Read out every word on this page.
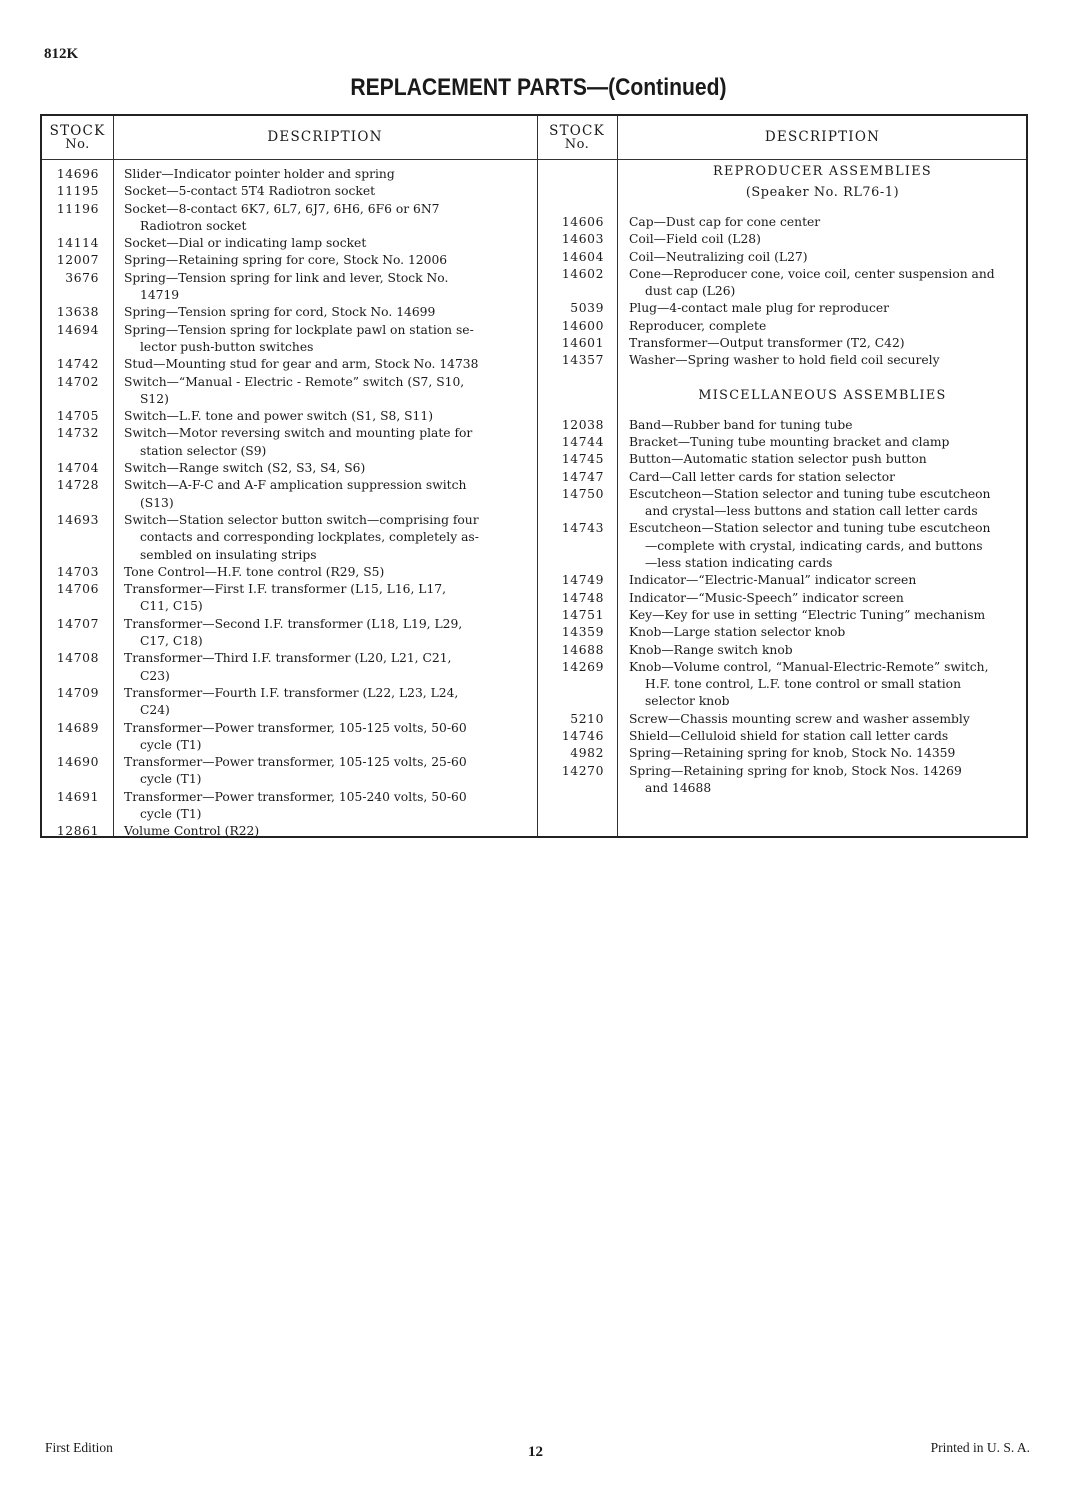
812K
REPLACEMENT PARTS—(Continued)
STOCK
No.	DESCRIPTION	STOCK
No.	DESCRIPTION
14696 Slider—Indicator pointer holder and spring
11195 Socket—5-contact 5T4 Radiotron socket
11196 Socket—8-contact 6K7, 6L7, 6J7, 6H6, 6F6 or 6N7
Radiotron socket
14114 Socket—Dial or indicating lamp socket
12007 Spring—Retaining spring for core, Stock No. 12006
3676 Spring—Tension spring for link and lever, Stock No.
14719
13638 Spring—Tension spring for cord, Stock No. 14699
14694 Spring—Tension spring for lockplate pawl on station se-
lector push-button switches
14742 Stud—Mounting stud for gear and arm, Stock No. 14738
14702 Switch—“Manual - Electric - Remote” switch (S7, S10,
S12)
14705 Switch—L.F. tone and power switch (S1, S8, S11)
14732 Switch—Motor reversing switch and mounting plate for
station selector (S9)
14704 Switch—Range switch (S2, S3, S4, S6)
14728 Switch—A-F-C and A-F amplication suppression switch
(S13)
14693 Switch—Station selector button switch—comprising four
contacts and corresponding lockplates, completely as-
sembled on insulating strips
14703 Tone Control—H.F. tone control (R29, S5)
14706 Transformer—First I.F. transformer (L15, L16, L17,
C11, C15)
14707 Transformer—Second I.F. transformer (L18, L19, L29,
C17, C18)
14708 Transformer—Third I.F. transformer (L20, L21, C21,
C23)
14709 Transformer—Fourth I.F. transformer (L22, L23, L24,
C24)
14689 Transformer—Power transformer, 105-125 volts, 50-60
cycle (T1)
14690 Transformer—Power transformer, 105-125 volts, 25-60
cycle (T1)
14691 Transformer—Power transformer, 105-240 volts, 50-60
cycle (T1)
12861 Volume Control (R22)
REPRODUCER ASSEMBLIES
(Speaker No. RL76-1)
14606 Cap—Dust cap for cone center
14603 Coil—Field coil (L28)
14604 Coil—Neutralizing coil (L27)
14602 Cone—Reproducer cone, voice coil, center suspension and
dust cap (L26)
5039 Plug—4-contact male plug for reproducer
14600 Reproducer, complete
14601 Transformer—Output transformer (T2, C42)
14357 Washer—Spring washer to hold field coil securely
MISCELLANEOUS ASSEMBLIES
12038 Band—Rubber band for tuning tube
14744 Bracket—Tuning tube mounting bracket and clamp
14745 Button—Automatic station selector push button
14747 Card—Call letter cards for station selector
14750 Escutcheon—Station selector and tuning tube escutcheon
and crystal—less buttons and station call letter cards
14743 Escutcheon—Station selector and tuning tube escutcheon
—complete with crystal, indicating cards, and buttons
—less station indicating cards
14749 Indicator—“Electric-Manual” indicator screen
14748 Indicator—“Music-Speech” indicator screen
14751 Key—Key for use in setting “Electric Tuning” mechanism
14359 Knob—Large station selector knob
14688 Knob—Range switch knob
14269 Knob—Volume control, “Manual-Electric-Remote” switch,
H.F. tone control, L.F. tone control or small station
selector knob
5210 Screw—Chassis mounting screw and washer assembly
14746 Shield—Celluloid shield for station call letter cards
4982 Spring—Retaining spring for knob, Stock No. 14359
14270 Spring—Retaining spring for knob, Stock Nos. 14269
and 14688
First Edition	12	Printed in U. S. A.
